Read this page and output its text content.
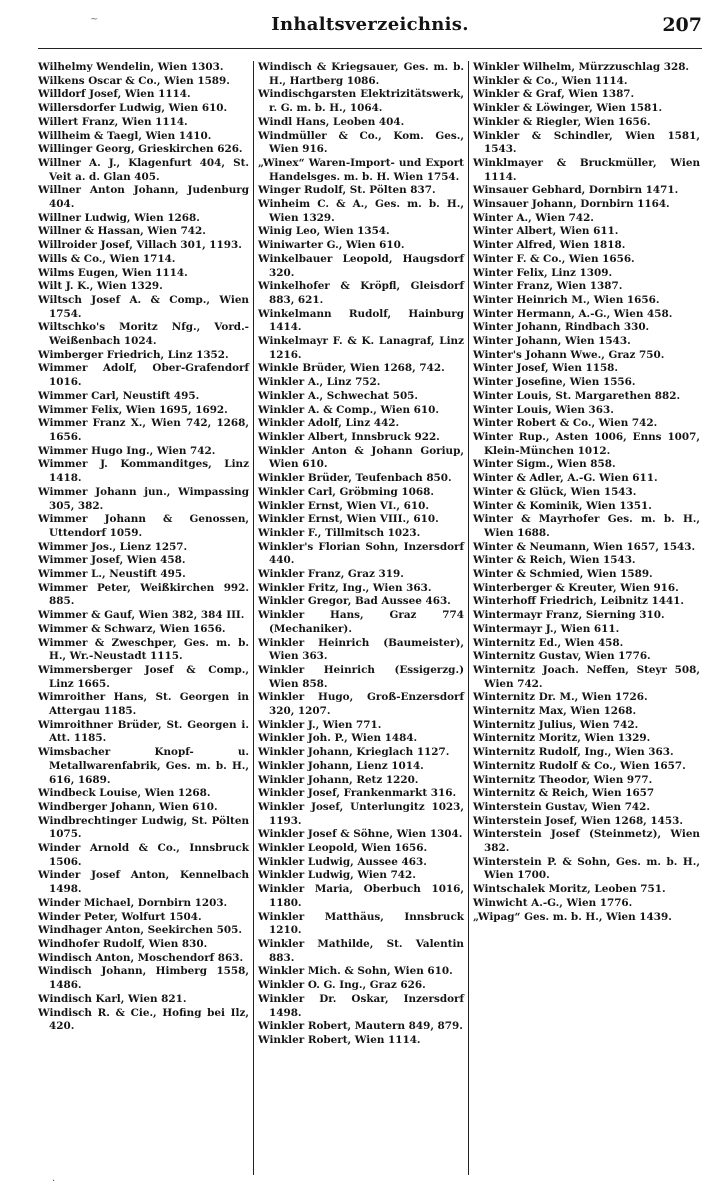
~	Inhaltsverzeichnis.	207
Wilhelmy Wendelin, Wien 1303.
Wilkens Oscar & Co., Wien 1589.
Willdorf Josef, Wien 1114.
Willersdorfer Ludwig, Wien 610.
Willert Franz, Wien 1114.
Willheim & Taegl, Wien 1410.
Willinger Georg, Grieskirchen 626.
Willner A. J., Klagenfurt 404, St. Veit a. d. Glan 405.
Willner Anton Johann, Judenburg 404.
Willner Ludwig, Wien 1268.
Willner & Hassan, Wien 742.
Willroider Josef, Villach 301, 1193.
Wills & Co., Wien 1714.
Wilms Eugen, Wien 1114.
Wilt J. K., Wien 1329.
Wiltsch Josef A. & Comp., Wien 1754.
Wiltschko's Moritz Nfg., Vord.-Weißenbach 1024.
Wimberger Friedrich, Linz 1352.
Wimmer Adolf, Ober-Grafendorf 1016.
Wimmer Carl, Neustift 495.
Wimmer Felix, Wien 1695, 1692.
Wimmer Franz X., Wien 742, 1268, 1656.
Wimmer Hugo Ing., Wien 742.
Wimmer J. Kommanditges, Linz 1418.
Wimmer Johann jun., Wimpassing 305, 382.
Wimmer Johann & Genossen, Uttendorf 1059.
Wimmer Jos., Lienz 1257.
Wimmer Josef, Wien 458.
Wimmer L., Neustift 495.
Wimmer Peter, Weißkirchen 992. 885.
Wimmer & Gauf, Wien 382, 384 III.
Wimmer & Schwarz, Wien 1656.
Wimmer & Zweschper, Ges. m. b. H., Wr.-Neustadt 1115.
Wimmersberger Josef & Comp., Linz 1665.
Wimroither Hans, St. Georgen in Attergau 1185.
Wimroithner Brüder, St. Georgen i. Att. 1185.
Wimsbacher Knopf- u. Metallwarenfabrik, Ges. m. b. H., 616, 1689.
Windbeck Louise, Wien 1268.
Windberger Johann, Wien 610.
Windbrechtinger Ludwig, St. Pölten 1075.
Winder Arnold & Co., Innsbruck 1506.
Winder Josef Anton, Kennelbach 1498.
Winder Michael, Dornbirn 1203.
Winder Peter, Wolfurt 1504.
Windhager Anton, Seekirchen 505.
Windhofer Rudolf, Wien 830.
Windisch Anton, Moschendorf 863.
Windisch Johann, Himberg 1558, 1486.
Windisch Karl, Wien 821.
Windisch R. & Cie., Hofing bei Ilz, 420.
Windisch & Kriegsauer, Ges. m. b. H., Hartberg 1086.
Windischgarsten Elektrizitätswerk, r. G. m. b. H., 1064.
Windl Hans, Leoben 404.
Windmüller & Co., Kom. Ges., Wien 916.
„Winex“ Waren-Import- und Export Handelsges. m. b. H. Wien 1754.
Winger Rudolf, St. Pölten 837.
Winheim C. & A., Ges. m. b. H., Wien 1329.
Winig Leo, Wien 1354.
Winiwarter G., Wien 610.
Winkelbauer Leopold, Haugsdorf 320.
Winkelhofer & Kröpfl, Gleisdorf 883, 621.
Winkelmann Rudolf, Hainburg 1414.
Winkelmayr F. & K. Lanagraf, Linz 1216.
Winkle Brüder, Wien 1268, 742.
Winkler A., Linz 752.
Winkler A., Schwechat 505.
Winkler A. & Comp., Wien 610.
Winkler Adolf, Linz 442.
Winkler Albert, Innsbruck 922.
Winkler Anton & Johann Goriup, Wien 610.
Winkler Brüder, Teufenbach 850.
Winkler Carl, Gröbming 1068.
Winkler Ernst, Wien VI., 610.
Winkler Ernst, Wien VIII., 610.
Winkler F., Tillmitsch 1023.
Winkler's Florian Sohn, Inzersdorf 440.
Winkler Franz, Graz 319.
Winkler Fritz, Ing., Wien 363.
Winkler Gregor, Bad Aussee 463.
Winkler Hans, Graz 774 (Mechaniker).
Winkler Heinrich (Baumeister), Wien 363.
Winkler Heinrich (Essigerzg.) Wien 858.
Winkler Hugo, Groß-Enzersdorf 320, 1207.
Winkler J., Wien 771.
Winkler Joh. P., Wien 1484.
Winkler Johann, Krieglach 1127.
Winkler Johann, Lienz 1014.
Winkler Johann, Retz 1220.
Winkler Josef, Frankenmarkt 316.
Winkler Josef, Unterlungitz 1023, 1193.
Winkler Josef & Söhne, Wien 1304.
Winkler Leopold, Wien 1656.
Winkler Ludwig, Aussee 463.
Winkler Ludwig, Wien 742.
Winkler Maria, Oberbuch 1016, 1180.
Winkler Matthäus, Innsbruck 1210.
Winkler Mathilde, St. Valentin 883.
Winkler Mich. & Sohn, Wien 610.
Winkler O. G. Ing., Graz 626.
Winkler Dr. Oskar, Inzersdorf 1498.
Winkler Robert, Mautern 849, 879.
Winkler Robert, Wien 1114.
Winkler Wilhelm, Mürzzuschlag 328.
Winkler & Co., Wien 1114.
Winkler & Graf, Wien 1387.
Winkler & Löwinger, Wien 1581.
Winkler & Riegler, Wien 1656.
Winkler & Schindler, Wien 1581, 1543.
Winklmayer & Bruckmüller, Wien 1114.
Winsauer Gebhard, Dornbirn 1471.
Winsauer Johann, Dornbirn 1164.
Winter A., Wien 742.
Winter Albert, Wien 611.
Winter Alfred, Wien 1818.
Winter F. & Co., Wien 1656.
Winter Felix, Linz 1309.
Winter Franz, Wien 1387.
Winter Heinrich M., Wien 1656.
Winter Hermann, A.-G., Wien 458.
Winter Johann, Rindbach 330.
Winter Johann, Wien 1543.
Winter's Johann Wwe., Graz 750.
Winter Josef, Wien 1158.
Winter Josefine, Wien 1556.
Winter Louis, St. Margarethen 882.
Winter Louis, Wien 363.
Winter Robert & Co., Wien 742.
Winter Rup., Asten 1006, Enns 1007, Klein-München 1012.
Winter Sigm., Wien 858.
Winter & Adler, A.-G. Wien 611.
Winter & Glück, Wien 1543.
Winter & Kominik, Wien 1351.
Winter & Mayrhofer Ges. m. b. H., Wien 1688.
Winter & Neumann, Wien 1657, 1543.
Winter & Reich, Wien 1543.
Winter & Schmied, Wien 1589.
Winterberger & Kreuter, Wien 916.
Winterhoff Friedrich, Leibnitz 1441.
Wintermayr Franz, Sierning 310.
Wintermayr J., Wien 611.
Winternitz Ed., Wien 458.
Winternitz Gustav, Wien 1776.
Winternitz Joach. Neffen, Steyr 508, Wien 742.
Winternitz Dr. M., Wien 1726.
Winternitz Max, Wien 1268.
Winternitz Julius, Wien 742.
Winternitz Moritz, Wien 1329.
Winternitz Rudolf, Ing., Wien 363.
Winternitz Rudolf & Co., Wien 1657.
Winternitz Theodor, Wien 977.
Winternitz & Reich, Wien 1657
Winterstein Gustav, Wien 742.
Winterstein Josef, Wien 1268, 1453.
Winterstein Josef (Steinmetz), Wien 382.
Winterstein P. & Sohn, Ges. m. b. H., Wien 1700.
Wintschalek Moritz, Leoben 751.
Winwicht A.-G., Wien 1776.
„Wipag“ Ges. m. b. H., Wien 1439.
·
